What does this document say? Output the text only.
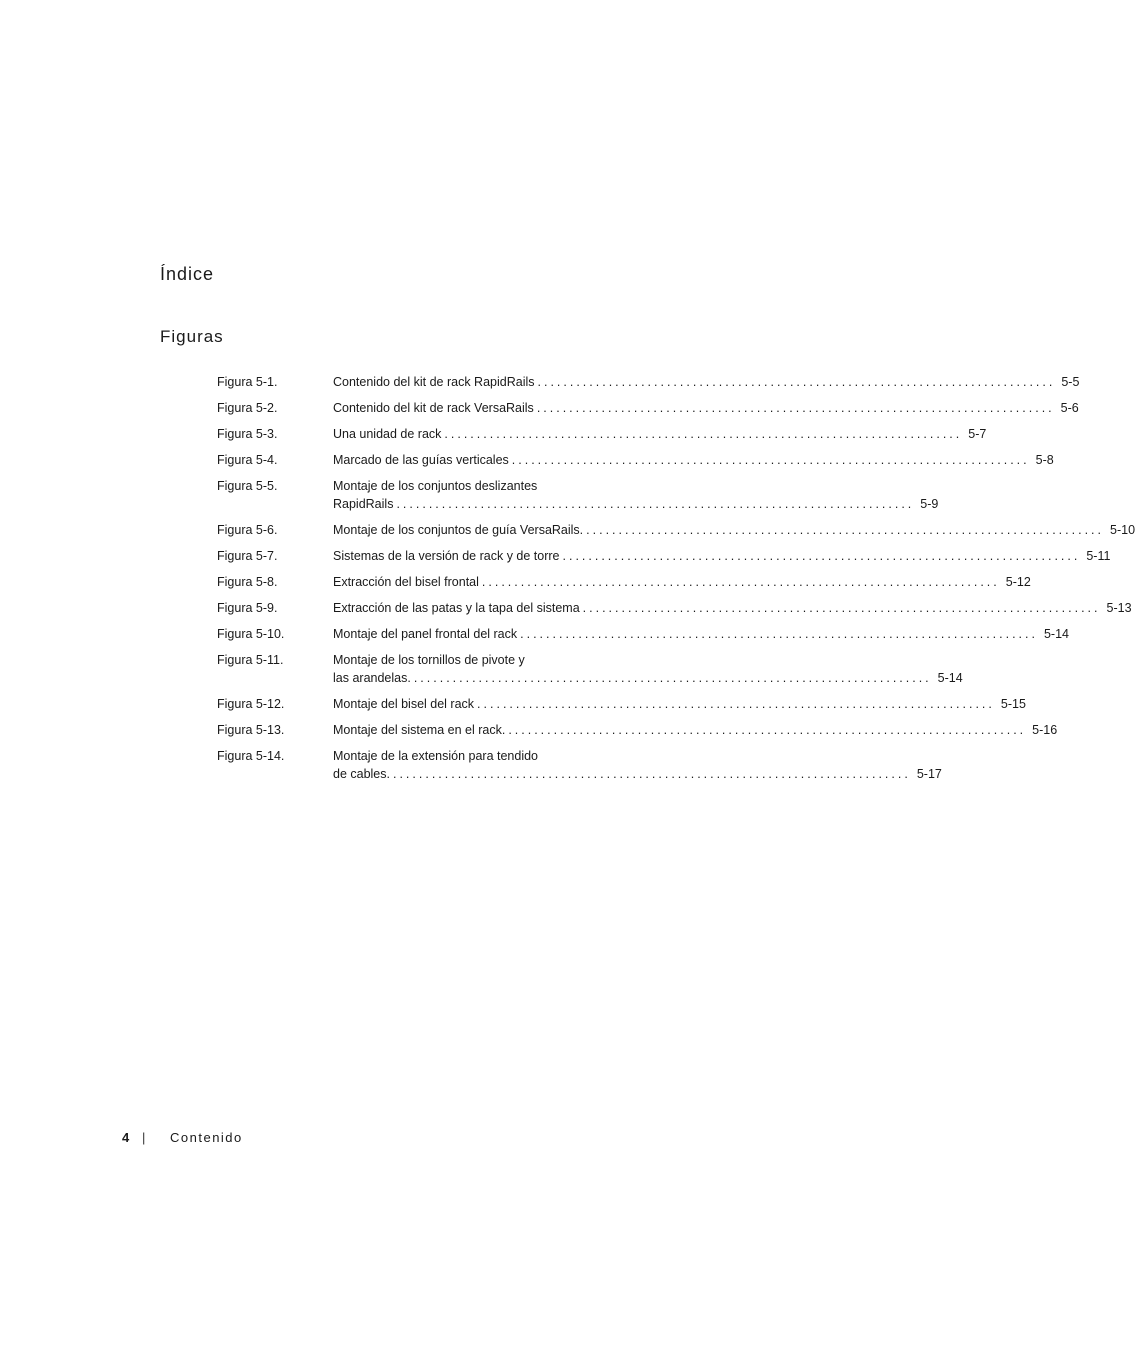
Índice
Figuras
Figura 5-1.	Contenido del kit de rack RapidRails ................................................................................ 5-5
Figura 5-2.	Contenido del kit de rack VersaRails ................................................................................ 5-6
Figura 5-3.	Una unidad de rack ................................................................................ 5-7
Figura 5-4.	Marcado de las guías verticales ................................................................................ 5-8
Figura 5-5.	Montaje de los conjuntos deslizantes
RapidRails ................................................................................ 5-9
Figura 5-6.	Montaje de los conjuntos de guía VersaRails. ................................................................................ 5-10
Figura 5-7.	Sistemas de la versión de rack y de torre ................................................................................ 5-11
Figura 5-8.	Extracción del bisel frontal ................................................................................ 5-12
Figura 5-9.	Extracción de las patas y la tapa del sistema ................................................................................ 5-13
Figura 5-10.	Montaje del panel frontal del rack ................................................................................ 5-14
Figura 5-11.	Montaje de los tornillos de pivote y
las arandelas. ................................................................................ 5-14
Figura 5-12.	Montaje del bisel del rack ................................................................................ 5-15
Figura 5-13.	Montaje del sistema en el rack. ................................................................................ 5-16
Figura 5-14.	Montaje de la extensión para tendido
de cables. ................................................................................ 5-17
4 |	Contenido
